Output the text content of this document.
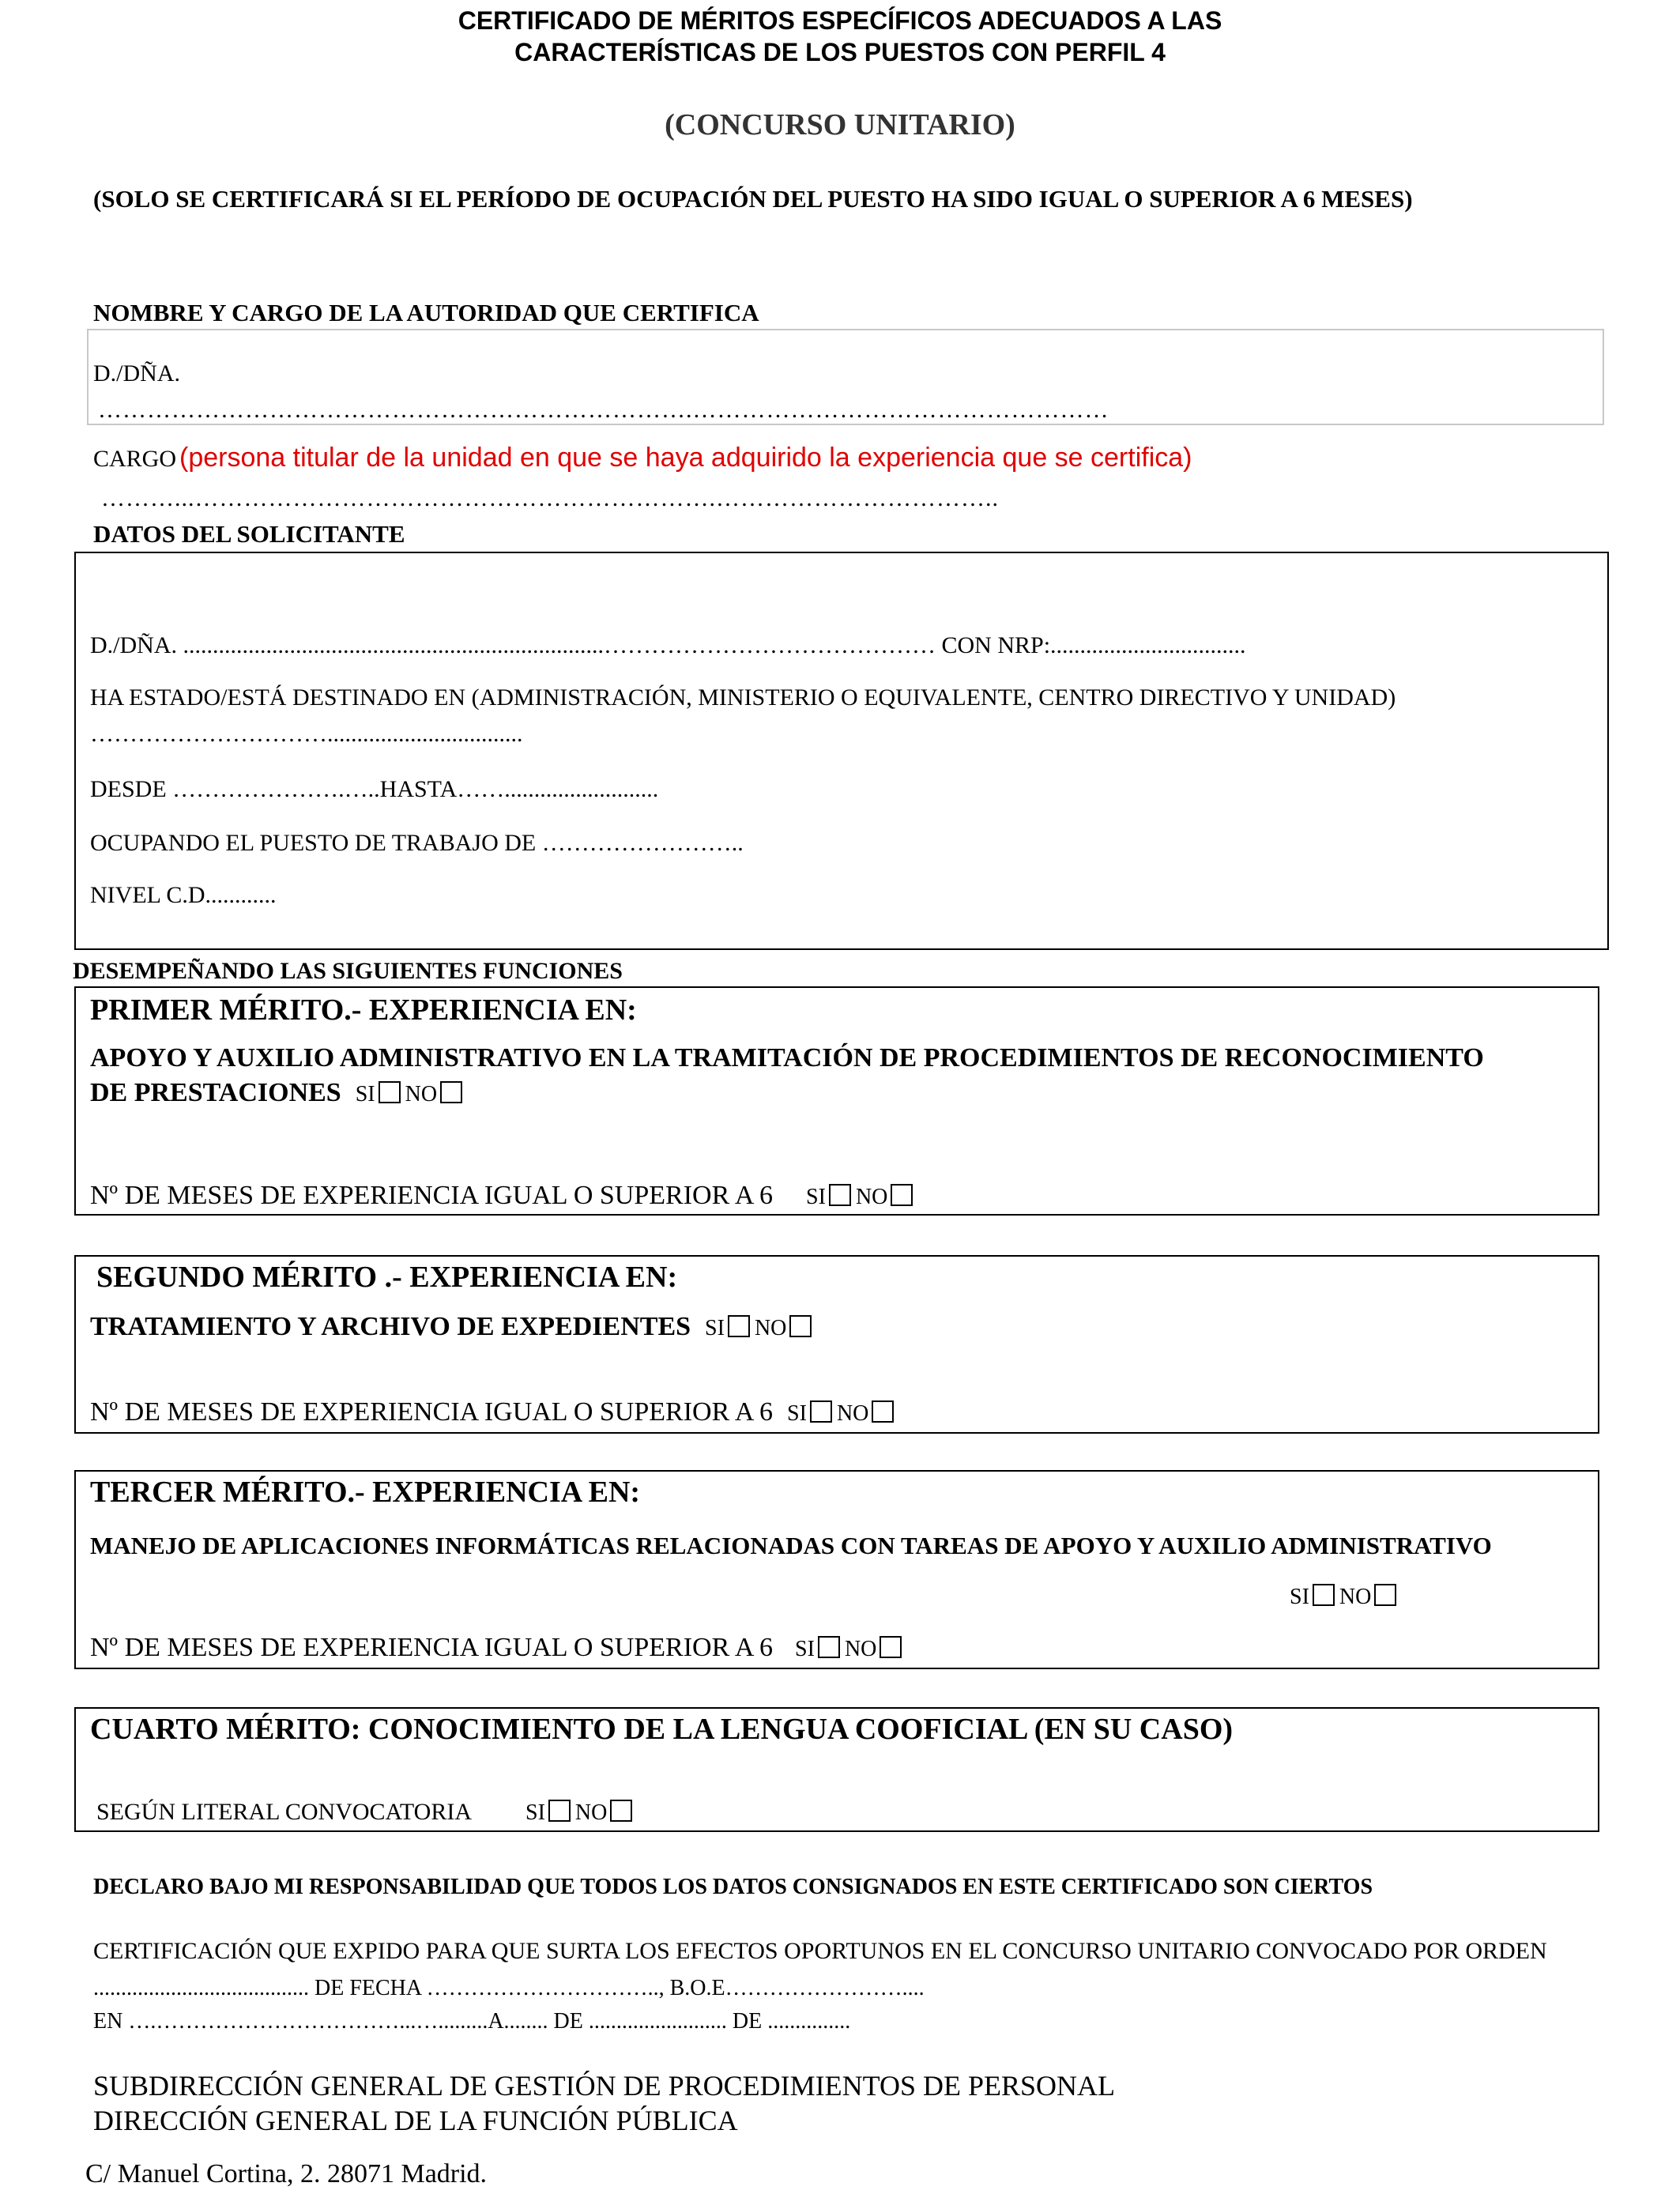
CERTIFICADO DE MÉRITOS ESPECÍFICOS ADECUADOS A LAS
CARACTERÍSTICAS DE LOS PUESTOS CON PERFIL 4
(CONCURSO UNITARIO)
(SOLO SE CERTIFICARÁ SI EL PERÍODO DE OCUPACIÓN DEL PUESTO HA SIDO IGUAL O SUPERIOR A 6 MESES)
NOMBRE Y CARGO DE LA AUTORIDAD QUE CERTIFICA
D./DÑA.
……………………………………………………………….……………………………………………
CARGO (persona titular de la unidad en que se haya adquirido la experiencia que se certifica)
………...……………………………………………………….……………………………..
DATOS DEL SOLICITANTE
D./DÑA. .......................................................................…………………………………… CON NRP:.................................
HA ESTADO/ESTÁ DESTINADO EN (ADMINISTRACIÓN, MINISTERIO O EQUIVALENTE, CENTRO DIRECTIVO Y UNIDAD)
………………………….................................
DESDE ………………….…..HASTA……..........................
OCUPANDO EL PUESTO DE TRABAJO DE ……………………..
NIVEL C.D............
DESEMPEÑANDO LAS SIGUIENTES FUNCIONES
PRIMER MÉRITO.- EXPERIENCIA EN:
APOYO Y AUXILIO ADMINISTRATIVO EN LA TRAMITACIÓN DE PROCEDIMIENTOS DE RECONOCIMIENTO
DE PRESTACIONES SI NO
Nº DE MESES DE EXPERIENCIA IGUAL O SUPERIOR A 6 SI NO
SEGUNDO MÉRITO .- EXPERIENCIA EN:
TRATAMIENTO Y ARCHIVO DE EXPEDIENTES SI NO
Nº DE MESES DE EXPERIENCIA IGUAL O SUPERIOR A 6 SI NO
TERCER MÉRITO.- EXPERIENCIA EN:
MANEJO DE APLICACIONES INFORMÁTICAS RELACIONADAS CON TAREAS DE APOYO Y AUXILIO ADMINISTRATIVO
SI NO
Nº DE MESES DE EXPERIENCIA IGUAL O SUPERIOR A 6 SI NO
CUARTO MÉRITO: CONOCIMIENTO DE LA LENGUA COOFICIAL (EN SU CASO)
SEGÚN LITERAL CONVOCATORIA SI NO
DECLARO BAJO MI RESPONSABILIDAD QUE TODOS LOS DATOS CONSIGNADOS EN ESTE CERTIFICADO SON CIERTOS
CERTIFICACIÓN QUE EXPIDO PARA QUE SURTA LOS EFECTOS OPORTUNOS EN EL CONCURSO UNITARIO CONVOCADO POR ORDEN
....................................... DE FECHA ………………………….., B.O.E……………………....
EN ….……………………………...….........A........ DE ......................... DE ...............
SUBDIRECCIÓN GENERAL DE GESTIÓN DE PROCEDIMIENTOS DE PERSONAL
DIRECCIÓN GENERAL DE LA FUNCIÓN PÚBLICA
C/ Manuel Cortina, 2. 28071 Madrid.
